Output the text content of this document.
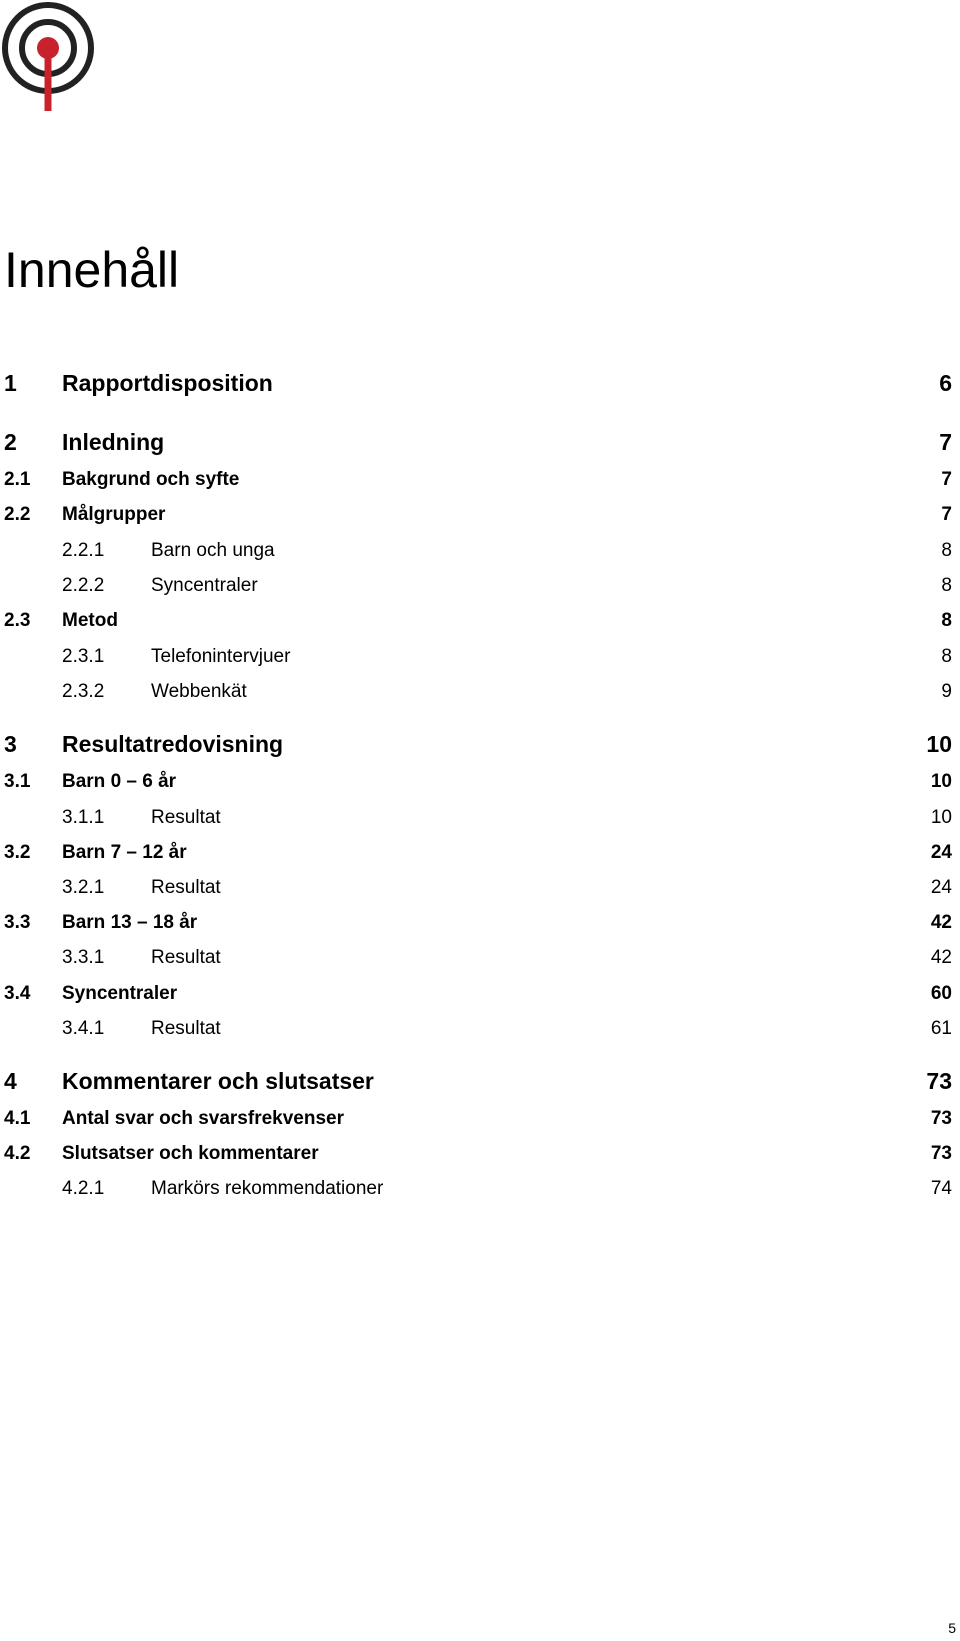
Innehåll
1 Rapportdisposition	6
2 Inledning	7
2.1 Bakgrund och syfte	7
2.2 Målgrupper	7
2.2.1 Barn och unga	8
2.2.2 Syncentraler	8
2.3 Metod	8
2.3.1 Telefonintervjuer	8
2.3.2 Webbenkät	9
3 Resultatredovisning	10
3.1 Barn 0 – 6 år	10
3.1.1 Resultat	10
3.2 Barn 7 – 12 år	24
3.2.1 Resultat	24
3.3 Barn 13 – 18 år	42
3.3.1 Resultat	42
3.4 Syncentraler	60
3.4.1 Resultat	61
4 Kommentarer och slutsatser	73
4.1 Antal svar och svarsfrekvenser	73
4.2 Slutsatser och kommentarer	73
4.2.1 Markörs rekommendationer	74
5
